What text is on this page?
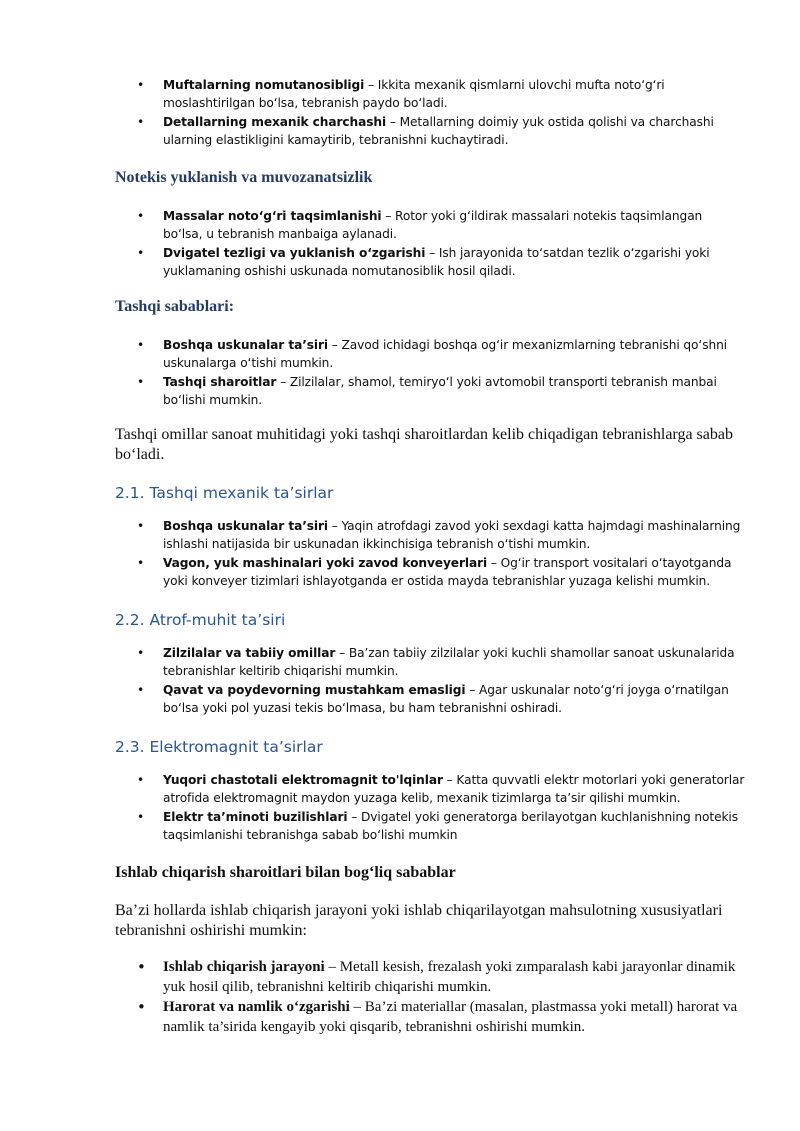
• Muftalarning nomutanosibligi – Ikkita mexanik qismlarni ulovchi mufta noto‘g‘ri moslashtirilgan bo‘lsa, tebranish paydo bo‘ladi.
• Detallarning mexanik charchashi – Metallarning doimiy yuk ostida qolishi va charchashi ularning elastikligini kamaytirib, tebranishni kuchaytiradi.
Notekis yuklanish va muvozanatsizlik
• Massalar noto‘g‘ri taqsimlanishi – Rotor yoki g‘ildirak massalari notekis taqsimlangan bo‘lsa, u tebranish manbaiga aylanadi.
• Dvigatel tezligi va yuklanish o‘zgarishi – Ish jarayonida to‘satdan tezlik o‘zgarishi yoki yuklamaning oshishi uskunada nomutanosiblik hosil qiladi.
Tashqi sabablari:
• Boshqa uskunalar ta’siri – Zavod ichidagi boshqa og‘ir mexanizmlarning tebranishi qo‘shni uskunalarga o‘tishi mumkin.
• Tashqi sharoitlar – Zilzilalar, shamol, temiryo‘l yoki avtomobil transporti tebranish manbai bo‘lishi mumkin.

Tashqi omillar sanoat muhitidagi yoki tashqi sharoitlardan kelib chiqadigan tebranishlarga sabab bo‘ladi.

2.1. Tashqi mexanik ta’sirlar
• Boshqa uskunalar ta’siri – Yaqin atrofdagi zavod yoki sexdagi katta hajmdagi mashinalarning ishlashi natijasida bir uskunadan ikkinchisiga tebranish o‘tishi mumkin.
• Vagon, yuk mashinalari yoki zavod konveyerlari – Og‘ir transport vositalari o‘tayotganda yoki konveyer tizimlari ishlayotganda er ostida mayda tebranishlar yuzaga kelishi mumkin.
2.2. Atrof-muhit ta’siri
• Zilzilalar va tabiiy omillar – Ba’zan tabiiy zilzilalar yoki kuchli shamollar sanoat uskunalarida tebranishlar keltirib chiqarishi mumkin.
• Qavat va poydevorning mustahkam emasligi – Agar uskunalar noto‘g‘ri joyga o‘rnatilgan bo‘lsa yoki pol yuzasi tekis bo‘lmasa, bu ham tebranishni oshiradi.
2.3. Elektromagnit ta’sirlar
• Yuqori chastotali elektromagnit to'lqinlar – Katta quvvatli elektr motorlari yoki generatorlar atrofida elektromagnit maydon yuzaga kelib, mexanik tizimlarga ta’sir qilishi mumkin.
• Elektr ta’minoti buzilishlari – Dvigatel yoki generatorga berilayotgan kuchlanishning notekis taqsimlanishi tebranishga sabab bo‘lishi mumkin
Ishlab chiqarish sharoitlari bilan bog‘liq sabablar

Ba’zi hollarda ishlab chiqarish jarayoni yoki ishlab chiqarilayotgan mahsulotning xususiyatlari tebranishni oshirishi mumkin:

• Ishlab chiqarish jarayoni – Metall kesish, frezalash yoki zımparalash kabi jarayonlar dinamik yuk hosil qilib, tebranishni keltirib chiqarishi mumkin.
• Harorat va namlik o‘zgarishi – Ba’zi materiallar (masalan, plastmassa yoki metall) harorat va namlik ta’sirida kengayib yoki qisqarib, tebranishni oshirishi mumkin.
